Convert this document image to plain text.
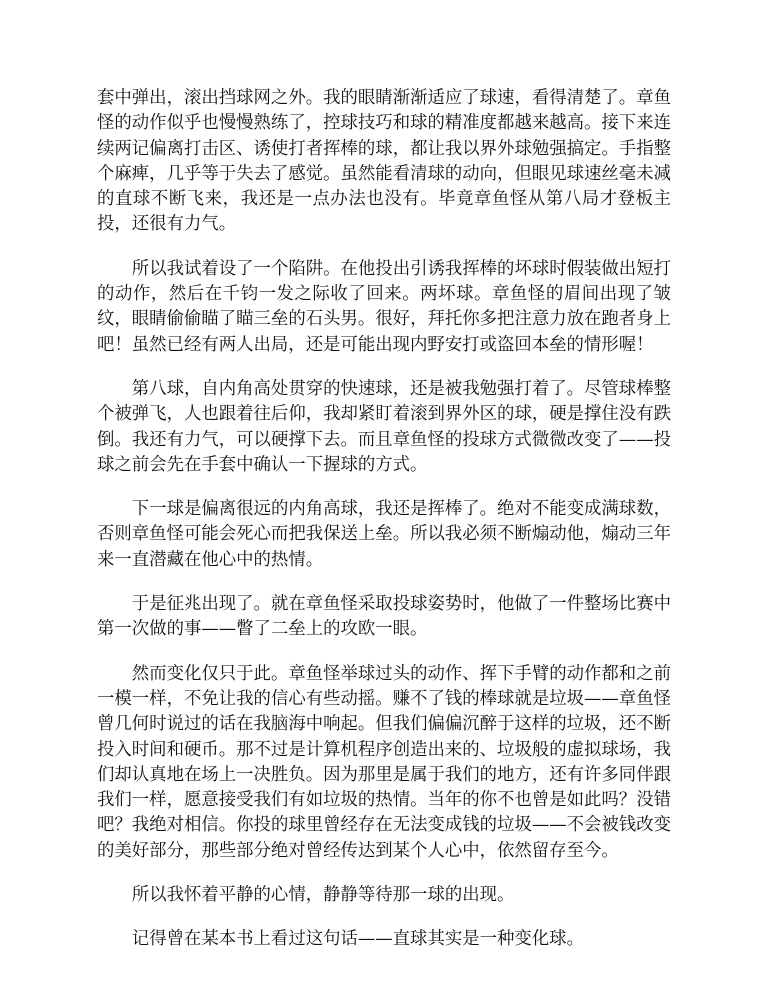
套中弹出，滚出挡球网之外。我的眼睛渐渐适应了球速，看得清楚了。章鱼怪的动作似乎也慢慢熟练了，控球技巧和球的精准度都越来越高。接下来连续两记偏离打击区、诱使打者挥棒的球，都让我以界外球勉强搞定。手指整个麻痺，几乎等于失去了感觉。虽然能看清球的动向，但眼见球速丝毫未减的直球不断飞来，我还是一点办法也没有。毕竟章鱼怪从第八局才登板主投，还很有力气。

所以我试着设了一个陷阱。在他投出引诱我挥棒的坏球时假装做出短打的动作，然后在千钧一发之际收了回来。两坏球。章鱼怪的眉间出现了皱纹，眼睛偷偷瞄了瞄三垒的石头男。很好，拜托你多把注意力放在跑者身上吧！虽然已经有两人出局，还是可能出现内野安打或盗回本垒的情形喔！

第八球，自内角高处贯穿的快速球，还是被我勉强打着了。尽管球棒整个被弹飞，人也跟着往后仰，我却紧盯着滚到界外区的球，硬是撑住没有跌倒。我还有力气，可以硬撑下去。而且章鱼怪的投球方式微微改变了——投球之前会先在手套中确认一下握球的方式。

下一球是偏离很远的内角高球，我还是挥棒了。绝对不能变成满球数，否则章鱼怪可能会死心而把我保送上垒。所以我必须不断煽动他，煽动三年来一直潜藏在他心中的热情。

于是征兆出现了。就在章鱼怪采取投球姿势时，他做了一件整场比赛中第一次做的事——瞥了二垒上的攻欧一眼。

然而变化仅只于此。章鱼怪举球过头的动作、挥下手臂的动作都和之前一模一样，不免让我的信心有些动摇。赚不了钱的棒球就是垃圾——章鱼怪曾几何时说过的话在我脑海中响起。但我们偏偏沉醉于这样的垃圾，还不断投入时间和硬币。那不过是计算机程序创造出来的、垃圾般的虚拟球场，我们却认真地在场上一决胜负。因为那里是属于我们的地方，还有许多同伴跟我们一样，愿意接受我们有如垃圾的热情。当年的你不也曾是如此吗？没错吧？我绝对相信。你投的球里曾经存在无法变成钱的垃圾——不会被钱改变的美好部分，那些部分绝对曾经传达到某个人心中，依然留存至今。

所以我怀着平静的心情，静静等待那一球的出现。

记得曾在某本书上看过这句话——直球其实是一种变化球。
